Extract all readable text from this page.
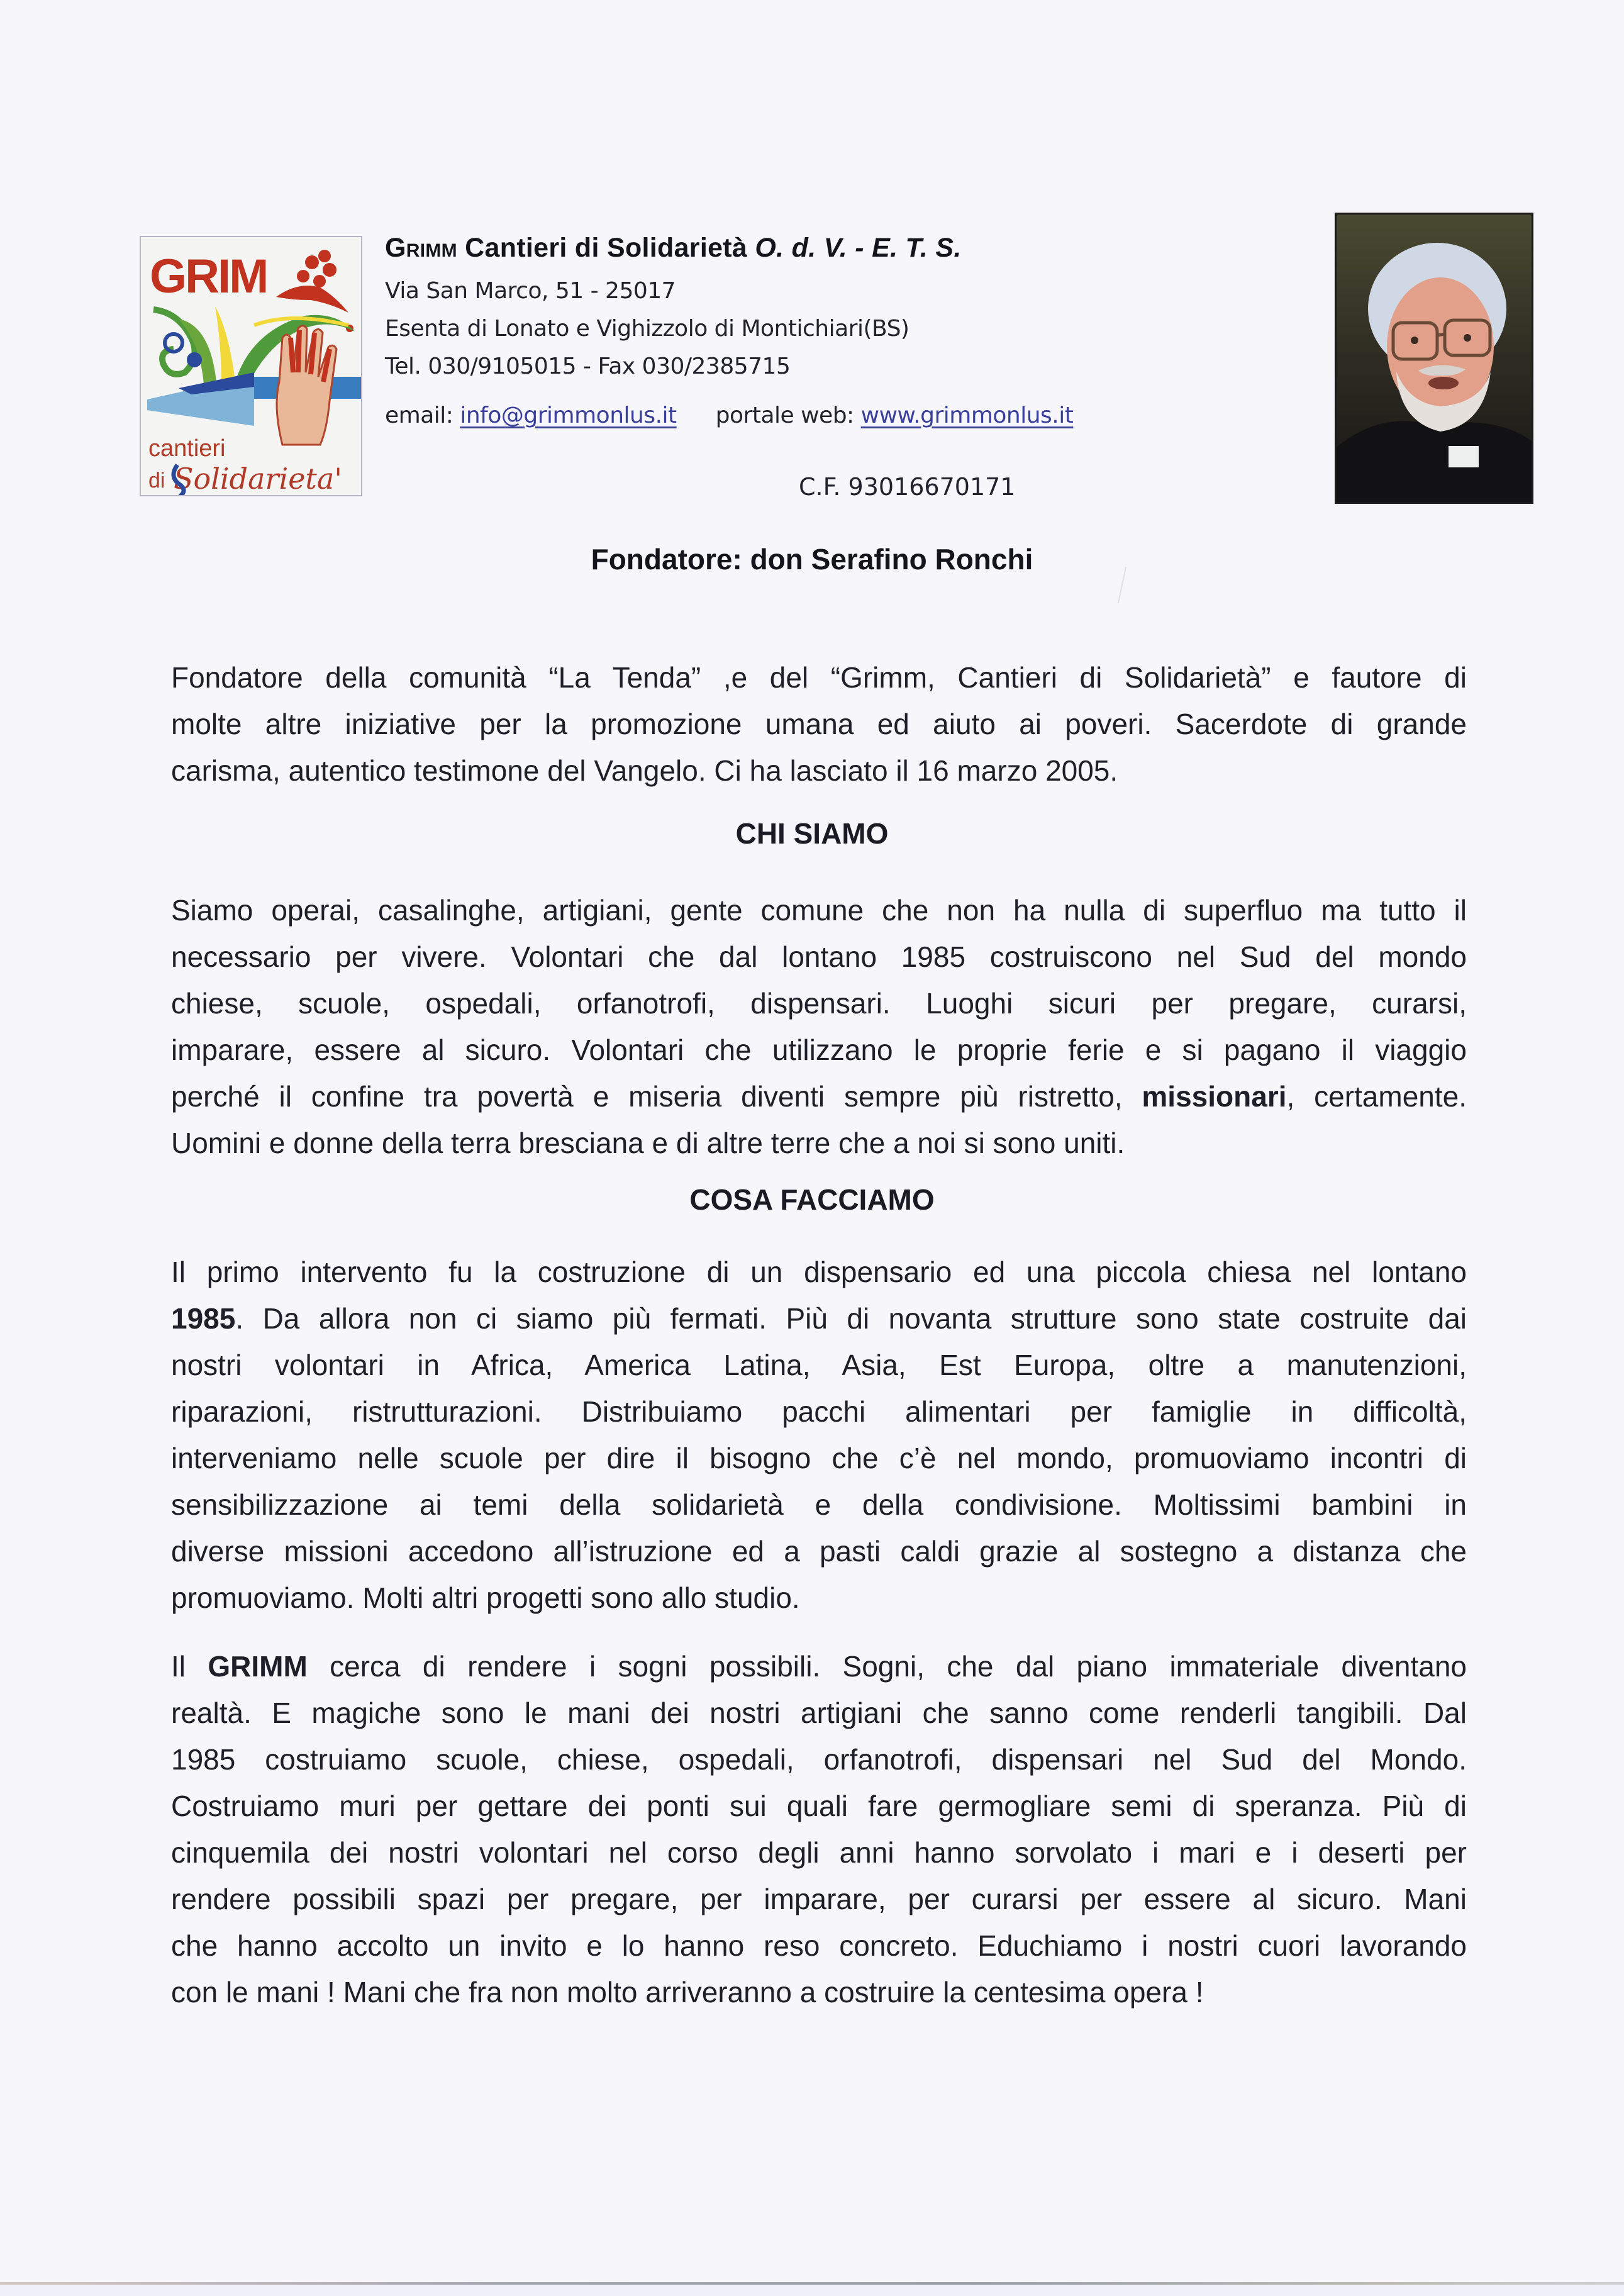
GRIM
cantieri
di Solidarieta'
Grimm Cantieri di Solidarietà O. d. V. - E. T. S.
Via San Marco, 51 - 25017
Esenta di Lonato e Vighizzolo di Montichiari(BS)
Tel. 030/9105015 - Fax 030/2385715
email: info@grimmonlus.it portale web: www.grimmonlus.it
C.F. 93016670171
Fondatore: don Serafino Ronchi
Fondatore della comunità “La Tenda” ,e del “Grimm, Cantieri di Solidarietà” e fautore di
molte altre iniziative per la promozione umana ed aiuto ai poveri. Sacerdote di grande
carisma, autentico testimone del Vangelo. Ci ha lasciato il 16 marzo 2005.
CHI SIAMO
Siamo operai, casalinghe, artigiani, gente comune che non ha nulla di superfluo ma tutto il
necessario per vivere. Volontari che dal lontano 1985 costruiscono nel Sud del mondo
chiese, scuole, ospedali, orfanotrofi, dispensari. Luoghi sicuri per pregare, curarsi,
imparare, essere al sicuro. Volontari che utilizzano le proprie ferie e si pagano il viaggio
perché il confine tra povertà e miseria diventi sempre più ristretto, missionari, certamente.
Uomini e donne della terra bresciana e di altre terre che a noi si sono uniti.
COSA FACCIAMO
Il primo intervento fu la costruzione di un dispensario ed una piccola chiesa nel lontano
1985. Da allora non ci siamo più fermati. Più di novanta strutture sono state costruite dai
nostri volontari in Africa, America Latina, Asia, Est Europa, oltre a manutenzioni,
riparazioni, ristrutturazioni. Distribuiamo pacchi alimentari per famiglie in difficoltà,
interveniamo nelle scuole per dire il bisogno che c’è nel mondo, promuoviamo incontri di
sensibilizzazione ai temi della solidarietà e della condivisione. Moltissimi bambini in
diverse missioni accedono all’istruzione ed a pasti caldi grazie al sostegno a distanza che
promuoviamo. Molti altri progetti sono allo studio.
Il GRIMM cerca di rendere i sogni possibili. Sogni, che dal piano immateriale diventano
realtà. E magiche sono le mani dei nostri artigiani che sanno come renderli tangibili. Dal
1985 costruiamo scuole, chiese, ospedali, orfanotrofi, dispensari nel Sud del Mondo.
Costruiamo muri per gettare dei ponti sui quali fare germogliare semi di speranza. Più di
cinquemila dei nostri volontari nel corso degli anni hanno sorvolato i mari e i deserti per
rendere possibili spazi per pregare, per imparare, per curarsi per essere al sicuro. Mani
che hanno accolto un invito e lo hanno reso concreto. Educhiamo i nostri cuori lavorando
con le mani ! Mani che fra non molto arriveranno a costruire la centesima opera !
